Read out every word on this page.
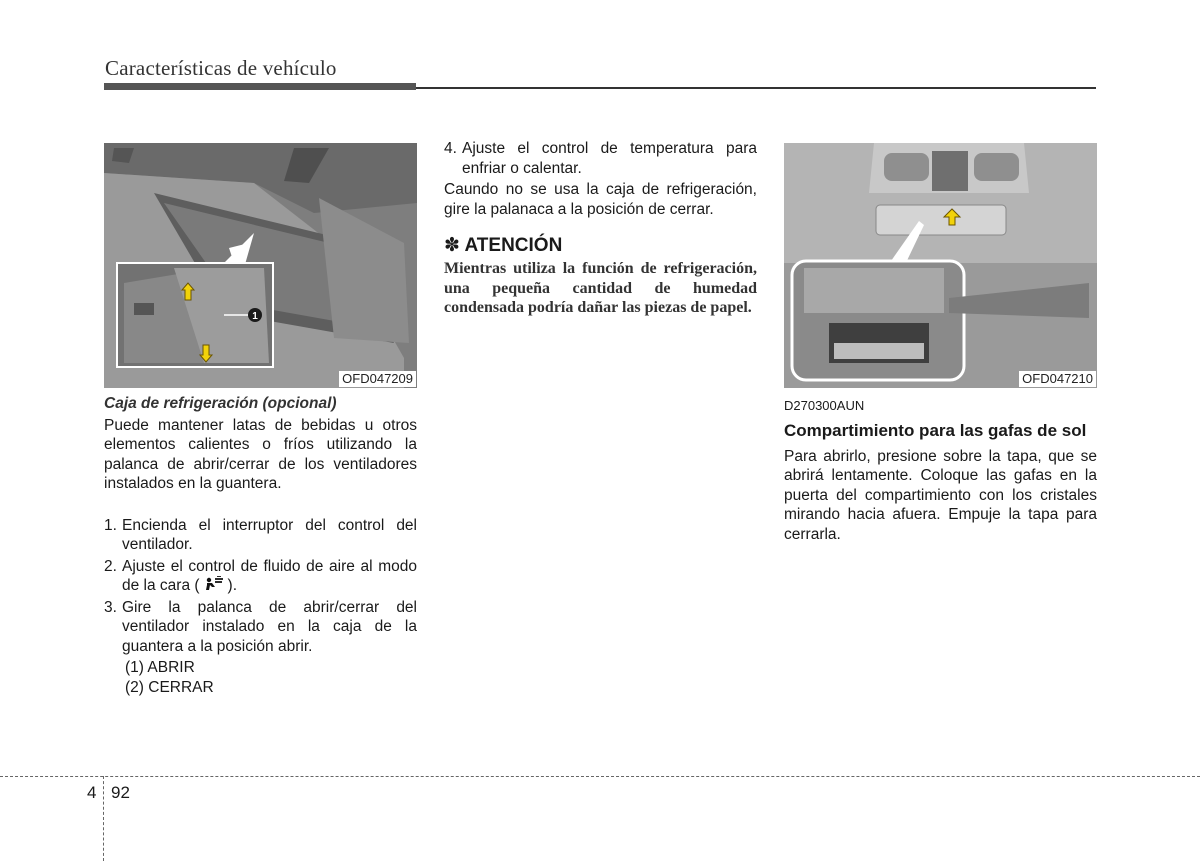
Características de vehículo
1
OFD047209
Caja de refrigeración (opcional)

Puede mantener latas de bebidas u otros elementos calientes o fríos utilizando la palanca de abrir/cerrar de los ventiladores instalados en la guantera.

1. Encienda el interruptor del control del ventilador.
2. Ajuste el control de fluido de aire al modo de la cara ( ).
3. Gire la palanca de abrir/cerrar del ventilador instalado en la caja de la guantera a la posición abrir.
(1) ABRIR
(2) CERRAR
4. Ajuste el control de temperatura para enfriar o calentar.

Caundo no se usa la caja de refrigeración, gire la palanaca a la posición de cerrar.

✽ ATENCIÓN
Mientras utiliza la función de refrigeración, una pequeña cantidad de humedad condensada podría dañar las piezas de papel.
OFD047210
D270300AUN
Compartimiento para las gafas de sol

Para abrirlo, presione sobre la tapa, que se abrirá lentamente. Coloque las gafas en la puerta del compartimiento con los cristales mirando hacia afuera. Empuje la tapa para cerrarla.

4 92
